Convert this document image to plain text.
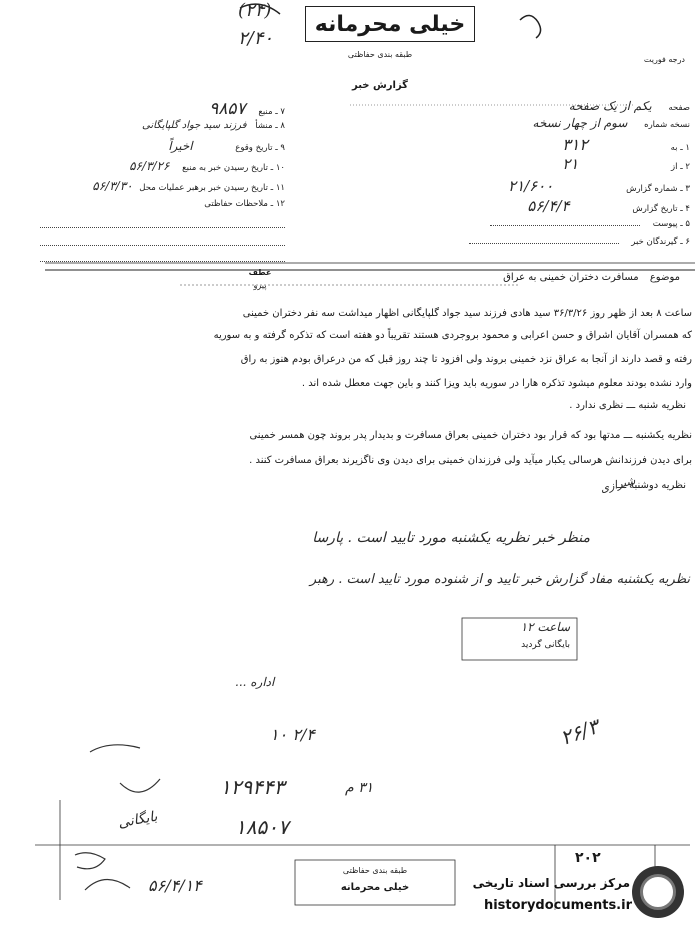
(۲۴)
۲/۴۰
خیلی محرمانه
طبقه بندی حفاظتی
گزارش خبر
درجه فوریت
صفحه یکم از یک صفحه
نسخه شماره سوم از چهار نسخه
۱ ـ به ۳۱۲
۲ ـ از ۲۱
۳ ـ شماره گزارش ۲۱/۶۰۰
۴ ـ تاریخ گزارش ۵۶/۴/۴
۵ ـ پیوست
۶ ـ گیرندگان خبر
۷ ـ منبع ۹۸۵۷
۸ ـ منشأ فرزند سید جواد گلپایگانی
۹ ـ تاریخ وقوع اخیراً
۱۰ ـ تاریخ رسیدن خبر به منبع ۵۶/۳/۲۶
۱۱ ـ تاریخ رسیدن خبر برهبر عملیات محل ۵۶/۳/۳۰
۱۲ ـ ملاحظات حفاظتی
موضوع مسافرت دختران خمینی به عراق
عطف
پیرو
ساعت ۸ بعد از ظهر روز ۳۶/۳/۲۶ سید هادی فرزند سید جواد گلپایگانی اظهار میداشت سه نفر دختران خمینی
که همسران آقایان اشراق و حسن اعرابی و محمود بروجردی هستند تقریباً دو هفته است که تذکره گرفته و به سوریه
رفته و قصد دارند از آنجا به عراق نزد خمینی بروند ولی افزود تا چند روز قبل که من درعراق بودم هنوز به راق
وارد نشده بودند معلوم میشود تذکره هارا در سوریه باید ویزا کنند و باین جهت معطل شده اند .
نظریه شنبه ـــ نظری ندارد .
نظریه یکشنبه ـــ مدتها بود که قرار بود دختران خمینی بعراق مسافرت و بدیدار پدر بروند چون همسر خمینی
برای دیدن فرزندانش هرسالی یکبار میآید ولی فرزندان خمینی برای دیدن وی ناگزیرند بعراق مسافرت کنند .
نظریه دوشنبه ـــ
شیرازی
منظر خبر نظریه یکشنبه مورد تایید است . پارسا
نظریه یکشنبه مفاد گزارش خبر تایید و از شنوده مورد تایید است . رهبر
ساعت ۱۲
بایگانی گردید
اداره ...
۱۰ ۲/۴	۲۶/۳
۱۲۹۴۴۳	۳۱ م
۱۸۵۰۷
بایگانی
۵۶/۴/۱۴
طبقه بندی حفاظتی
خیلی محرمانه
۲۰۲
مرکز بررسی اسناد تاریخی
historydocuments.ir
